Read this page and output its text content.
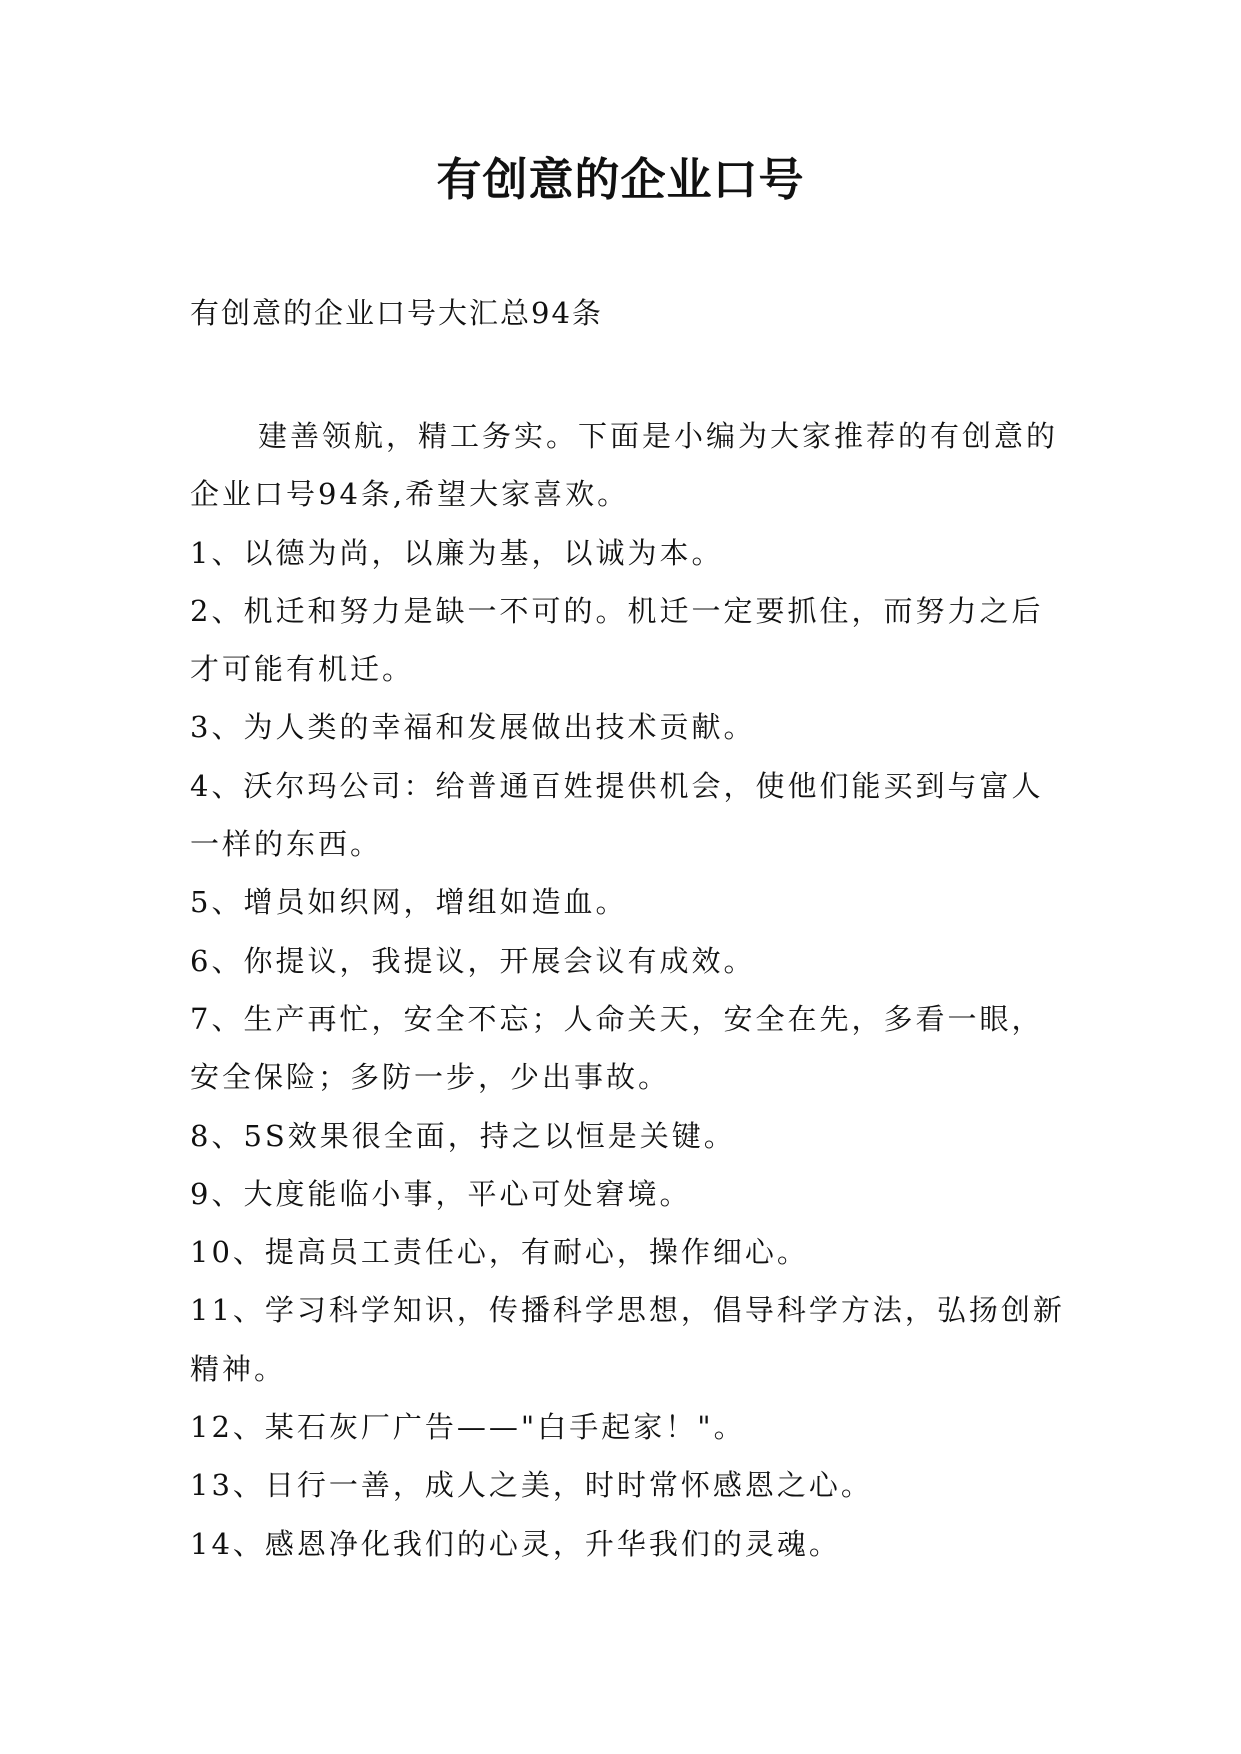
有创意的企业口号

有创意的企业口号大汇总94条

建善领航，精工务实。下面是小编为大家推荐的有创意的企业口号94条,希望大家喜欢。

1、以德为尚，以廉为基，以诚为本。

2、机迁和努力是缺一不可的。机迁一定要抓住，而努力之后才可能有机迁。

3、为人类的幸福和发展做出技术贡献。

4、沃尔玛公司：给普通百姓提供机会，使他们能买到与富人一样的东西。

5、增员如织网，增组如造血。

6、你提议，我提议，开展会议有成效。

7、生产再忙，安全不忘；人命关天，安全在先，多看一眼，安全保险；多防一步，少出事故。

8、5S效果很全面，持之以恒是关键。

9、大度能临小事，平心可处窘境。

10、提高员工责任心，有耐心，操作细心。

11、学习科学知识，传播科学思想，倡导科学方法，弘扬创新精神。

12、某石灰厂广告——"白手起家！"。

13、日行一善，成人之美，时时常怀感恩之心。

14、感恩净化我们的心灵，升华我们的灵魂。
